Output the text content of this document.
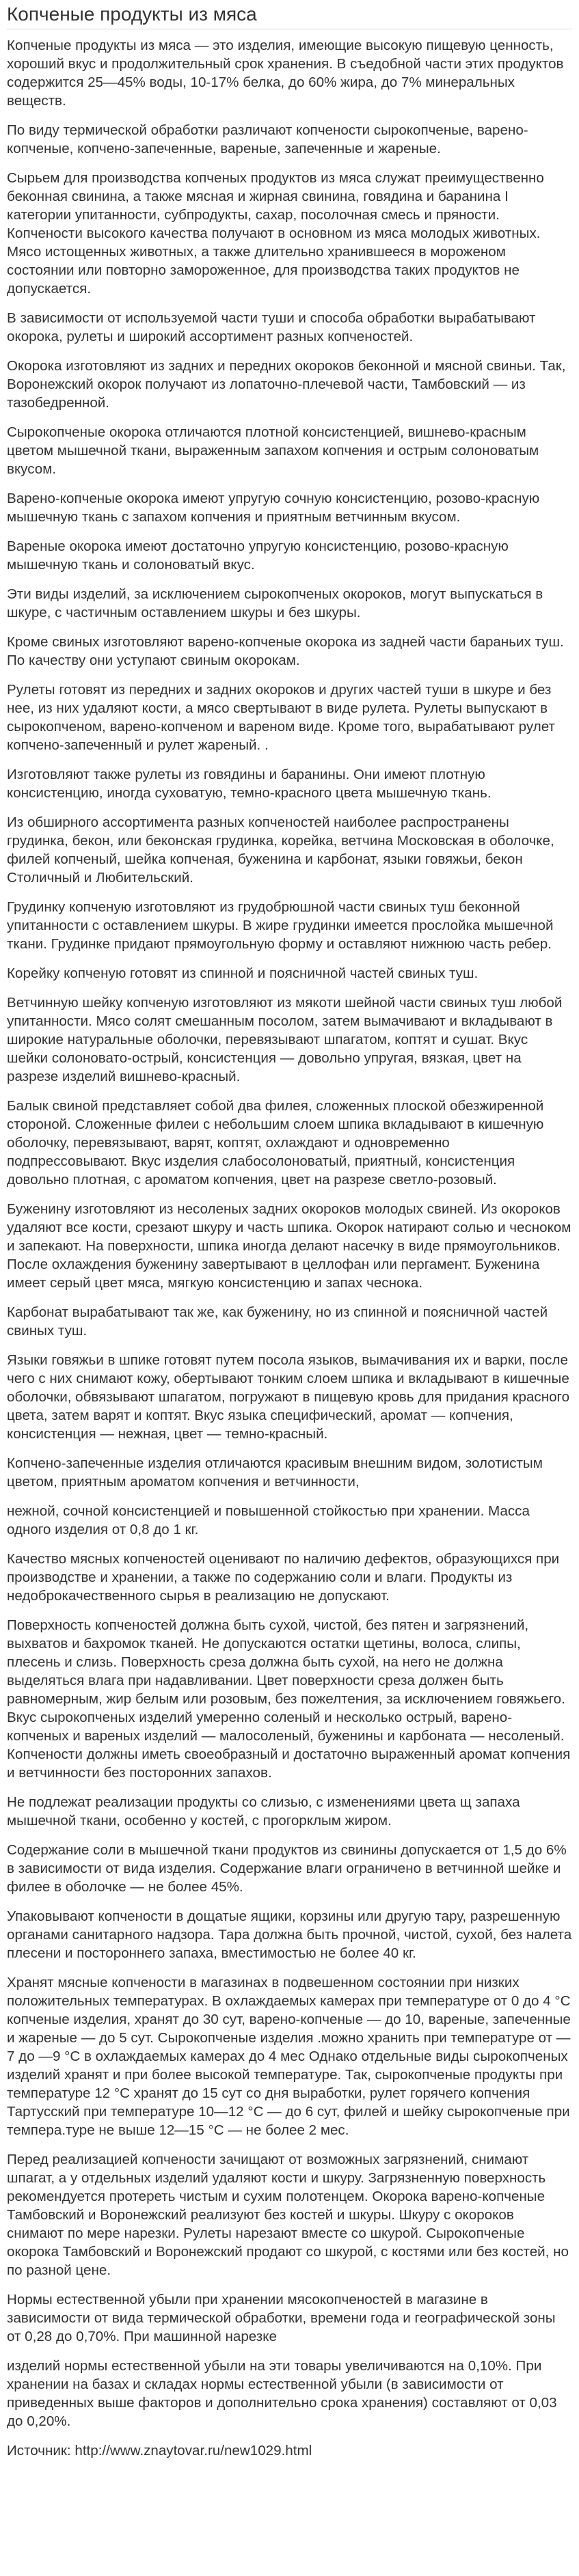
Копченые продукты из мяса

Копченые продукты из мяса — это изделия, имеющие высокую пищевую ценность, хороший вкус и продолжительный срок хранения. В съедобной части этих продуктов содержится 25—45% воды, 10-17% белка, до 60% жира, до 7% минеральных веществ.

По виду термической обработки различают копчености сырокопченые, варено-копченые, копчено-запеченные, вареные, запеченные и жареные.

Сырьем для производства копченых продуктов из мяса служат преимущественно беконная свинина, а также мясная и жирная свинина, говядина и баранина I категории упитанности, субпродукты, сахар, посолочная смесь и пряности. Копчености высокого качества получают в основном из мяса молодых животных. Мясо истощенных животных, а также длительно хранившееся в мороженом состоянии или повторно замороженное, для производства таких продуктов не допускается.

В зависимости от используемой части туши и способа обработки вырабатывают окорока, рулеты и широкий ассортимент разных копченостей.

Окорока изготовляют из задних и передних окороков беконной и мясной свиньи. Так, Воронежский окорок получают из лопаточно-плечевой части, Тамбовский — из тазобедренной.

Сырокопченые окорока отличаются плотной консистенцией, вишнево-красным цветом мышечной ткани, выраженным запахом копчения и острым солоноватым вкусом.

Варено-копченые окорока имеют упругую сочную консистенцию, розово-красную мышечную ткань с запахом копчения и приятным ветчинным вкусом.

Вареные окорока имеют достаточно упругую консистенцию, розово-красную мышечную ткань и солоноватый вкус.

Эти виды изделий, за исключением сырокопченых окороков, могут выпускаться в шкуре, с частичным оставлением шкуры и без шкуры.

Кроме свиных изготовляют варено-копченые окорока из задней части бараньих туш. По качеству они уступают свиным окорокам.

Рулеты готовят из передних и задних окороков и других частей туши в шкуре и без нее, из них удаляют кости, а мясо свертывают в виде рулета. Рулеты выпускают в сырокопченом, варено-копченом и вареном виде. Кроме того, вырабатывают рулет копчено-запеченный и рулет жареный. .

Изготовляют также рулеты из говядины и баранины. Они имеют плотную консистенцию, иногда суховатую, темно-красного цвета мышечную ткань.

Из обширного ассортимента разных копченостей наиболее распространены грудинка, бекон, или беконская грудинка, корейка, ветчина Московская в оболочке, филей копченый, шейка копченая, буженина и карбонат, языки говяжьи, бекон Столичный и Любительский.

Грудинку копченую изготовляют из грудобрюшной части свиных туш беконной упитанности с оставлением шкуры. В жире грудинки имеется прослойка мышечной ткани. Грудинке придают прямоугольную форму и оставляют нижнюю часть ребер.

Корейку копченую готовят из спинной и поясничной частей свиных туш.

Ветчинную шейку копченую изготовляют из мякоти шейной части свиных туш любой упитанности. Мясо солят смешанным посолом, затем вымачивают и вкладывают в широкие натуральные оболочки, перевязывают шпагатом, коптят и сушат. Вкус шейки солоновато-острый, консистенция — довольно упругая, вязкая, цвет на разрезе изделий вишнево-красный.

Балык свиной представляет собой два филея, сложенных плоской обезжиренной стороной. Сложенные филеи с небольшим слоем шпика вкладывают в кишечную оболочку, перевязывают, варят, коптят, охлаждают и одновременно подпрессовывают. Вкус изделия слабосолоноватый, приятный, консистенция довольно плотная, с ароматом копчения, цвет на разрезе светло-розовый.

Буженину изготовляют из несоленых задних окороков молодых свиней. Из окороков удаляют все кости, срезают шкуру и часть шпика. Окорок натирают солью и чесноком и запекают. На поверхности, шпика иногда делают насечку в виде прямоугольников. После охлаждения буженину завертывают в целлофан или пергамент. Буженина имеет серый цвет мяса, мягкую консистенцию и запах чеснока.

Карбонат вырабатывают так же, как буженину, но из спинной и поясничной частей свиных туш.

Языки говяжьи в шпике готовят путем посола языков, вымачивания их и варки, после чего с них снимают кожу, обертывают тонким слоем шпика и вкладывают в кишечные оболочки, обвязывают шпагатом, погружают в пищевую кровь для придания красного цвета, затем варят и коптят. Вкус языка специфический, аромат — копчения, консистенция — нежная, цвет — темно-красный.

Копчено-запеченные изделия отличаются красивым внешним видом, золотистым цветом, приятным ароматом копчения и ветчинности,

нежной, сочной консистенцией и повышенной стойкостью при хранении. Масса одного изделия от 0,8 до 1 кг.

Качество мясных копченостей оценивают по наличию дефектов, образующихся при производстве и хранении, а также по содержанию соли и влаги. Продукты из недоброкачественного сырья в реализацию не допускают.

Поверхность копченостей должна быть сухой, чистой, без пятен и загрязнений, выхватов и бахромок тканей. Не допускаются остатки щетины, волоса, слипы, плесень и слизь. Поверхность среза должна быть сухой, на него не должна выделяться влага при надавливании. Цвет поверхности среза должен быть равномерным, жир белым или розовым, без пожелтения, за исключением говяжьего. Вкус сырокопченых изделий умеренно соленый и несколько острый, варено-копченых и вареных изделий — малосоленый, буженины и карбоната — несоленый. Копчености должны иметь своеобразный и достаточно выраженный аромат копчения и ветчинности без посторонних запахов.

Не подлежат реализации продукты со слизью, с изменениями цвета щ запаха мышечной ткани, особенно у костей, с прогорклым жиром.

Содержание соли в мышечной ткани продуктов из свинины допускается от 1,5 до 6% в зависимости от вида изделия. Содержание влаги ограничено в ветчинной шейке и филее в оболочке — не более 45%.

Упаковывают копчености в дощатые ящики, корзины или другую тару, разрешенную органами санитарного надзора. Тара должна быть прочной, чистой, сухой, без налета плесени и постороннего запаха, вместимостью не более 40 кг.

Хранят мясные копчености в магазинах в подвешенном состоянии при низких положительных температурах. В охлаждаемых камерах при температуре от 0 до 4 °С копченые изделия, хранят до 30 сут, варено-копченые — до 10, вареные, запеченные и жареные — до 5 сут. Сырокопченые изделия .можно хранить при температуре от —7 до —9 °С в охлаждаемых камерах до 4 мес Однако отдельные виды сырокопченых изделий хранят и при более высокой температуре. Так, сырокопченые продукты при температуре 12 °С хранят до 15 сут со дня выработки, рулет горячего копчения Тартусский при температуре 10—12 °С — до 6 сут, филей и шейку сырокопченые при темпера.туре не выше 12—15 °С — не более 2 мес.

Перед реализацией копчености зачищают от возможных загрязнений, снимают шпагат, а у отдельных изделий удаляют кости и шкуру. Загрязненную поверхность рекомендуется протереть чистым и сухим полотенцем. Окорока варено-копченые Тамбовский и Воронежский реализуют без костей и шкуры. Шкуру с окороков снимают по мере нарезки. Рулеты нарезают вместе со шкурой. Сырокопченые окорока Тамбовский и Воронежский продают со шкурой, с костями или без костей, но по разной цене.

Нормы естественной убыли при хранении мясокопченостей в магазине в зависимости от вида термической обработки, времени года и географической зоны от 0,28 до 0,70%. При машинной нарезке

изделий нормы естественной убыли на эти товары увеличиваются на 0,10%. При хранении на базах и складах нормы естественной убыли (в зависимости от приведенных выше факторов и дополнительно срока хранения) составляют от 0,03 до 0,20%.

Источник: http://www.znaytovar.ru/new1029.html
